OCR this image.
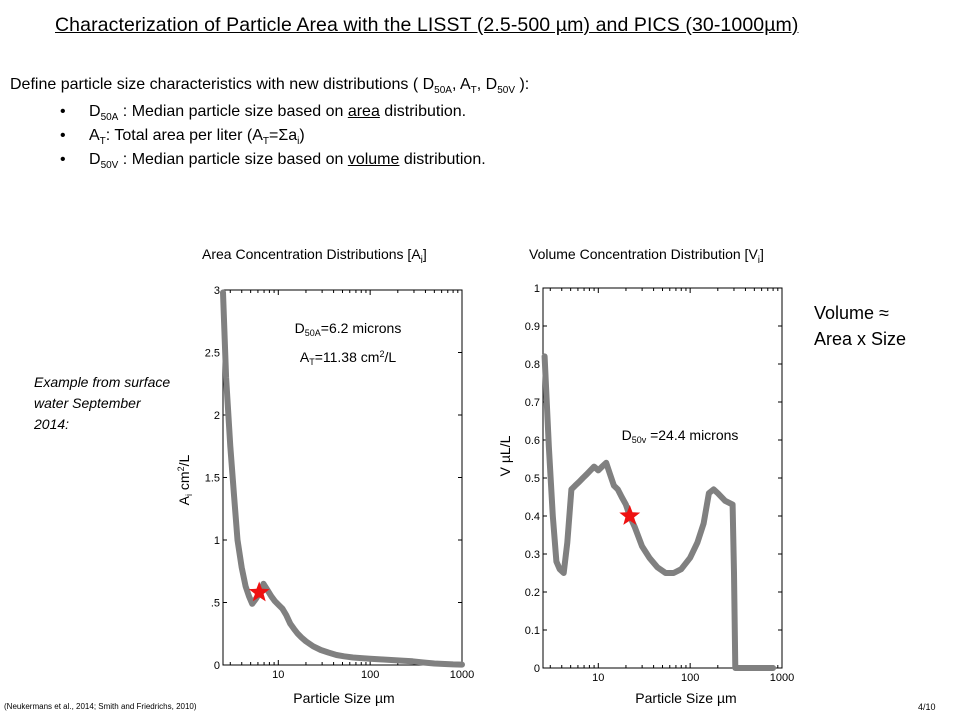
Characterization of Particle Area with the LISST (2.5-500 µm) and PICS (30-1000µm)
Define particle size characteristics with new distributions ( $D_{50A}$, $A_T$, $D_{50V}$ ):
• $D_{50A}$ : Median particle size based on area distribution.
• $A_T$: Total area per liter $(A_T=\Sigma a_i)$
• $D_{50V}$ : Median particle size based on volume distribution.
Area Concentration Distributions $[A_i]$	Volume Concentration Distribution $[V_i]$
Example from surface water September 2014:
Volume ≈
Area x Size
0
.5
1
1.5
2
2.5
3
10	100	1000
Particle Size µm
$A_i$ $cm^2/L$
$D_{50A}=6.2$ microns
$A_T=11.38$ $cm^2/L$
0
0.1
0.2
0.3
0.4
0.5
0.6
0.7
0.8
0.9
1
10	100	1000
Particle Size µm
V µL/L
$D_{50v} =24.4$ microns
(Neukermans et al., 2014; Smith and Friedrichs, 2010)	4/10
